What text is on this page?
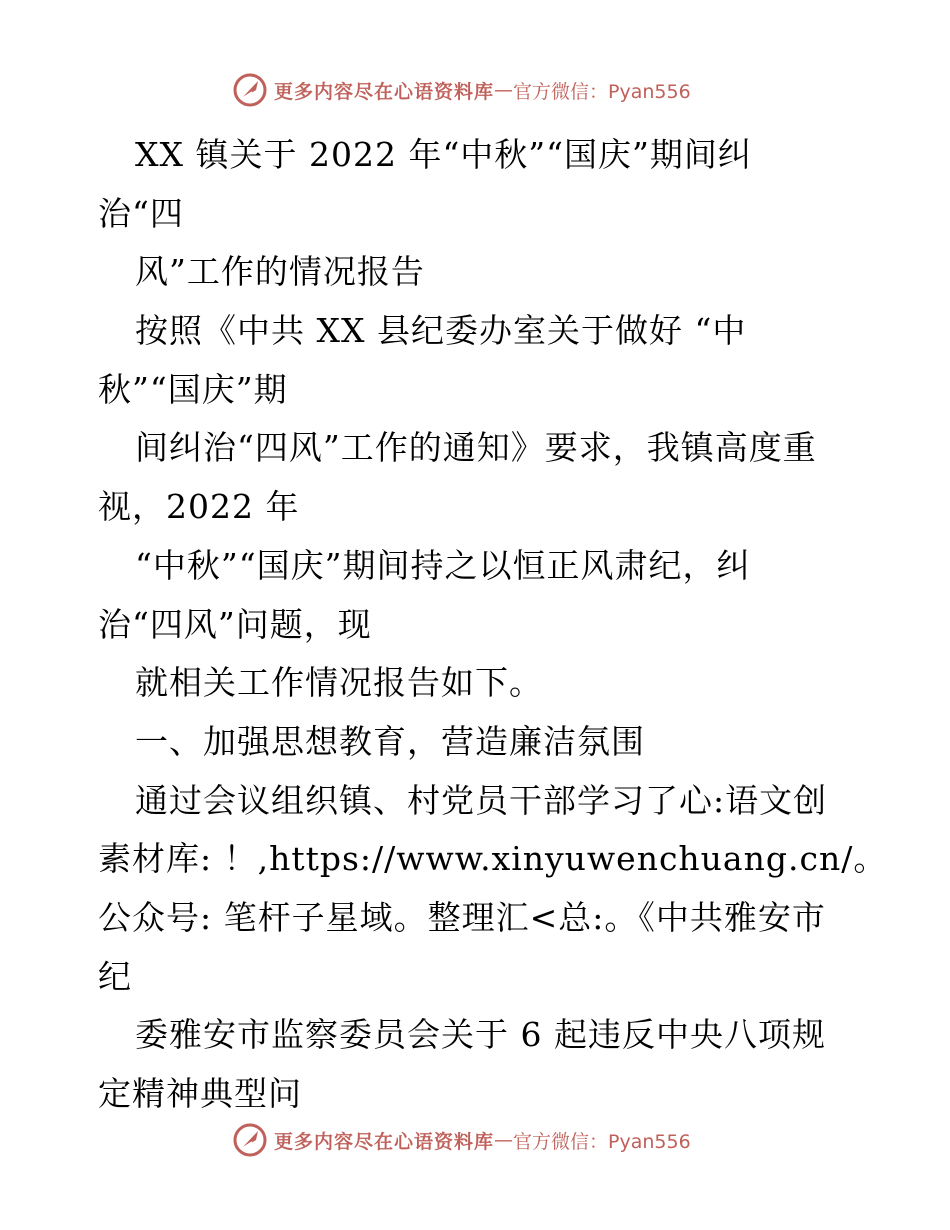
更多内容尽在心语资料库 — 官方微信：Pyan556
XX 镇关于 2022 年“中秋”“国庆”期间纠
治“四
风”工作的情况报告
按照《中共 XX 县纪委办室关于做好 “中
秋”“国庆”期
间纠治“四风”工作的通知》要求，我镇高度重
视，2022 年
“中秋”“国庆”期间持之以恒正风肃纪，纠
治“四风”问题，现
就相关工作情况报告如下。
一、加强思想教育，营造廉洁氛围
通过会议组织镇、村党员干部学习了心:语文创
素材库: ！,https://www.xinyuwenchuang.cn/。
公众号: 笔杆子星域。整理汇<总:。《中共雅安市
纪
委雅安市监察委员会关于 6 起违反中央八项规
定精神典型问
更多内容尽在心语资料库 — 官方微信：Pyan556
